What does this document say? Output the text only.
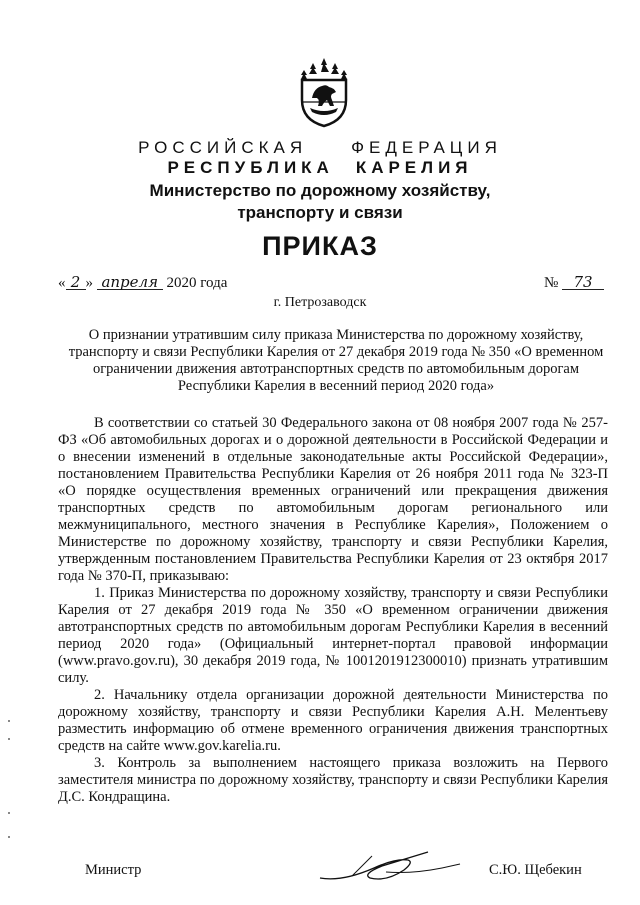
РОССИЙСКАЯ	ФЕДЕРАЦИЯ
РЕСПУБЛИКА КАРЕЛИЯ
Министерство по дорожному хозяйству,
транспорту и связи
ПРИКАЗ
« 2 » апреля 2020 года	№ 73
г. Петрозаводск
О признании утратившим силу приказа Министерства по дорожному хозяйству, транспорту и связи Республики Карелия от 27 декабря 2019 года № 350 «О временном ограничении движения автотранспортных средств по автомобильным дорогам Республики Карелия в весенний период 2020 года»

В соответствии со статьей 30 Федерального закона от 08 ноября 2007 года № 257-ФЗ «Об автомобильных дорогах и о дорожной деятельности в Российской Федерации и о внесении изменений в отдельные законодательные акты Российской Федерации», постановлением Правительства Республики Карелия от 26 ноября 2011 года № 323-П «О порядке осуществления временных ограничений или прекращения движения транспортных средств по автомобильным дорогам регионального или межмуниципального, местного значения в Республике Карелия», Положением о Министерстве по дорожному хозяйству, транспорту и связи Республики Карелия, утвержденным постановлением Правительства Республики Карелия от 23 октября 2017 года № 370-П, приказываю:

1. Приказ Министерства по дорожному хозяйству, транспорту и связи Республики Карелия от 27 декабря 2019 года № 350 «О временном ограничении движения автотранспортных средств по автомобильным дорогам Республики Карелия в весенний период 2020 года» (Официальный интернет-портал правовой информации (www.pravo.gov.ru), 30 декабря 2019 года, № 1001201912300010) признать утратившим силу.

2. Начальнику отдела организации дорожной деятельности Министерства по дорожному хозяйству, транспорту и связи Республики Карелия А.Н. Мелентьеву разместить информацию об отмене временного ограничения движения транспортных средств на сайте www.gov.karelia.ru.

3. Контроль за выполнением настоящего приказа возложить на Первого заместителя министра по дорожному хозяйству, транспорту и связи Республики Карелия Д.С. Кондращина.

Министр	С.Ю. Щебекин
